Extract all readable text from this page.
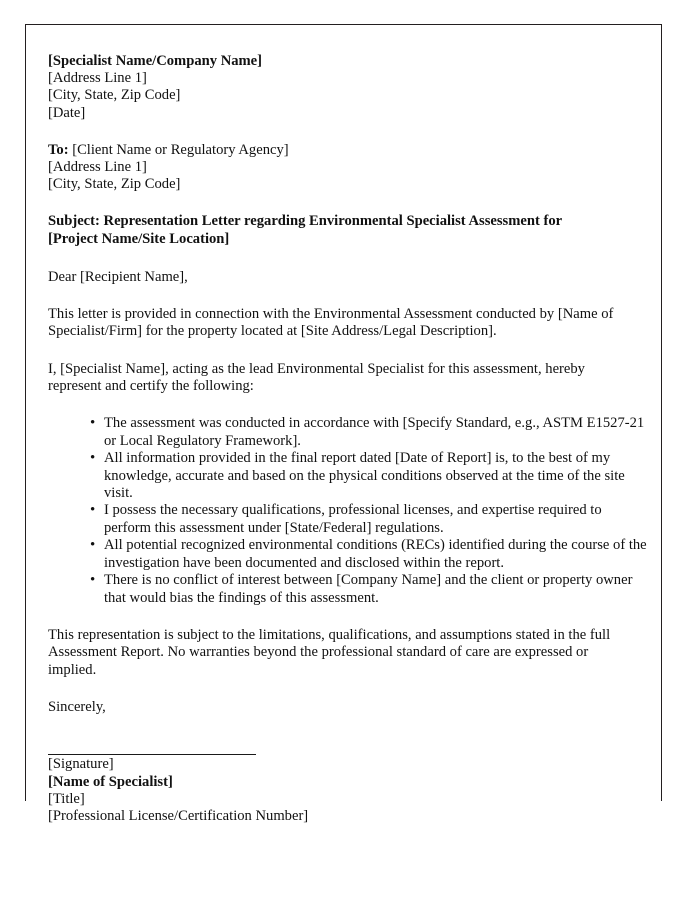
[Specialist Name/Company Name]
[Address Line 1]
[City, State, Zip Code]
[Date]
To: [Client Name or Regulatory Agency]
[Address Line 1]
[City, State, Zip Code]
Subject: Representation Letter regarding Environmental Specialist Assessment for
[Project Name/Site Location]
Dear [Recipient Name],

This letter is provided in connection with the Environmental Assessment conducted by [Name of Specialist/Firm] for the property located at [Site Address/Legal Description].

I, [Specialist Name], acting as the lead Environmental Specialist for this assessment, hereby represent and certify the following:

• The assessment was conducted in accordance with [Specify Standard, e.g., ASTM E1527-21 or Local Regulatory Framework].
• All information provided in the final report dated [Date of Report] is, to the best of my knowledge, accurate and based on the physical conditions observed at the time of the site visit.
• I possess the necessary qualifications, professional licenses, and expertise required to perform this assessment under [State/Federal] regulations.
• All potential recognized environmental conditions (RECs) identified during the course of the investigation have been documented and disclosed within the report.
• There is no conflict of interest between [Company Name] and the client or property owner that would bias the findings of this assessment.

This representation is subject to the limitations, qualifications, and assumptions stated in the full Assessment Report. No warranties beyond the professional standard of care are expressed or implied.

Sincerely,
[Signature]
[Name of Specialist]
[Title]
[Professional License/Certification Number]
